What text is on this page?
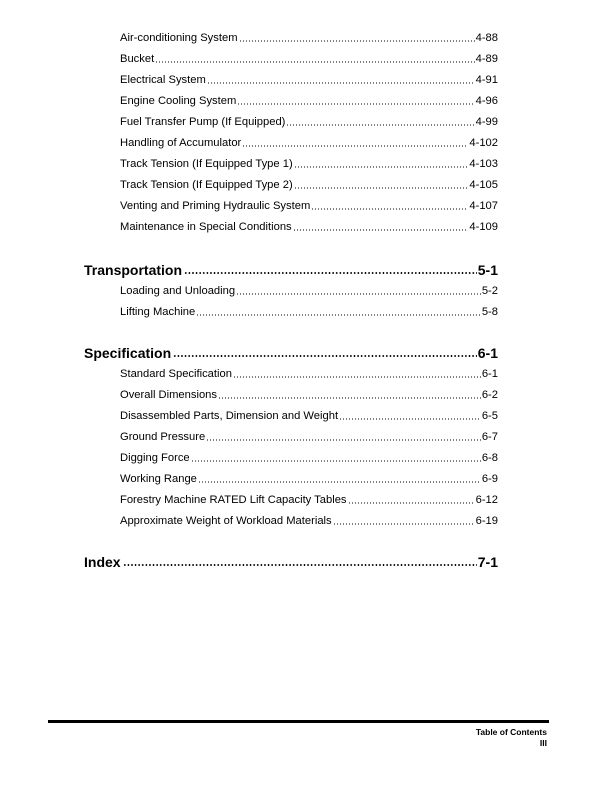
Air-conditioning System	4-88
Bucket	4-89
Electrical System	4-91
Engine Cooling System	4-96
Fuel Transfer Pump (If Equipped)	4-99
Handling of Accumulator	4-102
Track Tension (If Equipped Type 1)	4-103
Track Tension (If Equipped Type 2)	4-105
Venting and Priming Hydraulic System	4-107
Maintenance in Special Conditions	4-109
Transportation	5-1
Loading and Unloading	5-2
Lifting Machine	5-8
Specification	6-1
Standard Specification	6-1
Overall Dimensions	6-2
Disassembled Parts, Dimension and Weight	6-5
Ground Pressure	6-7
Digging Force	6-8
Working Range	6-9
Forestry Machine RATED Lift Capacity Tables	6-12
Approximate Weight of Workload Materials	6-19
Index	7-1
Table of Contents
III
